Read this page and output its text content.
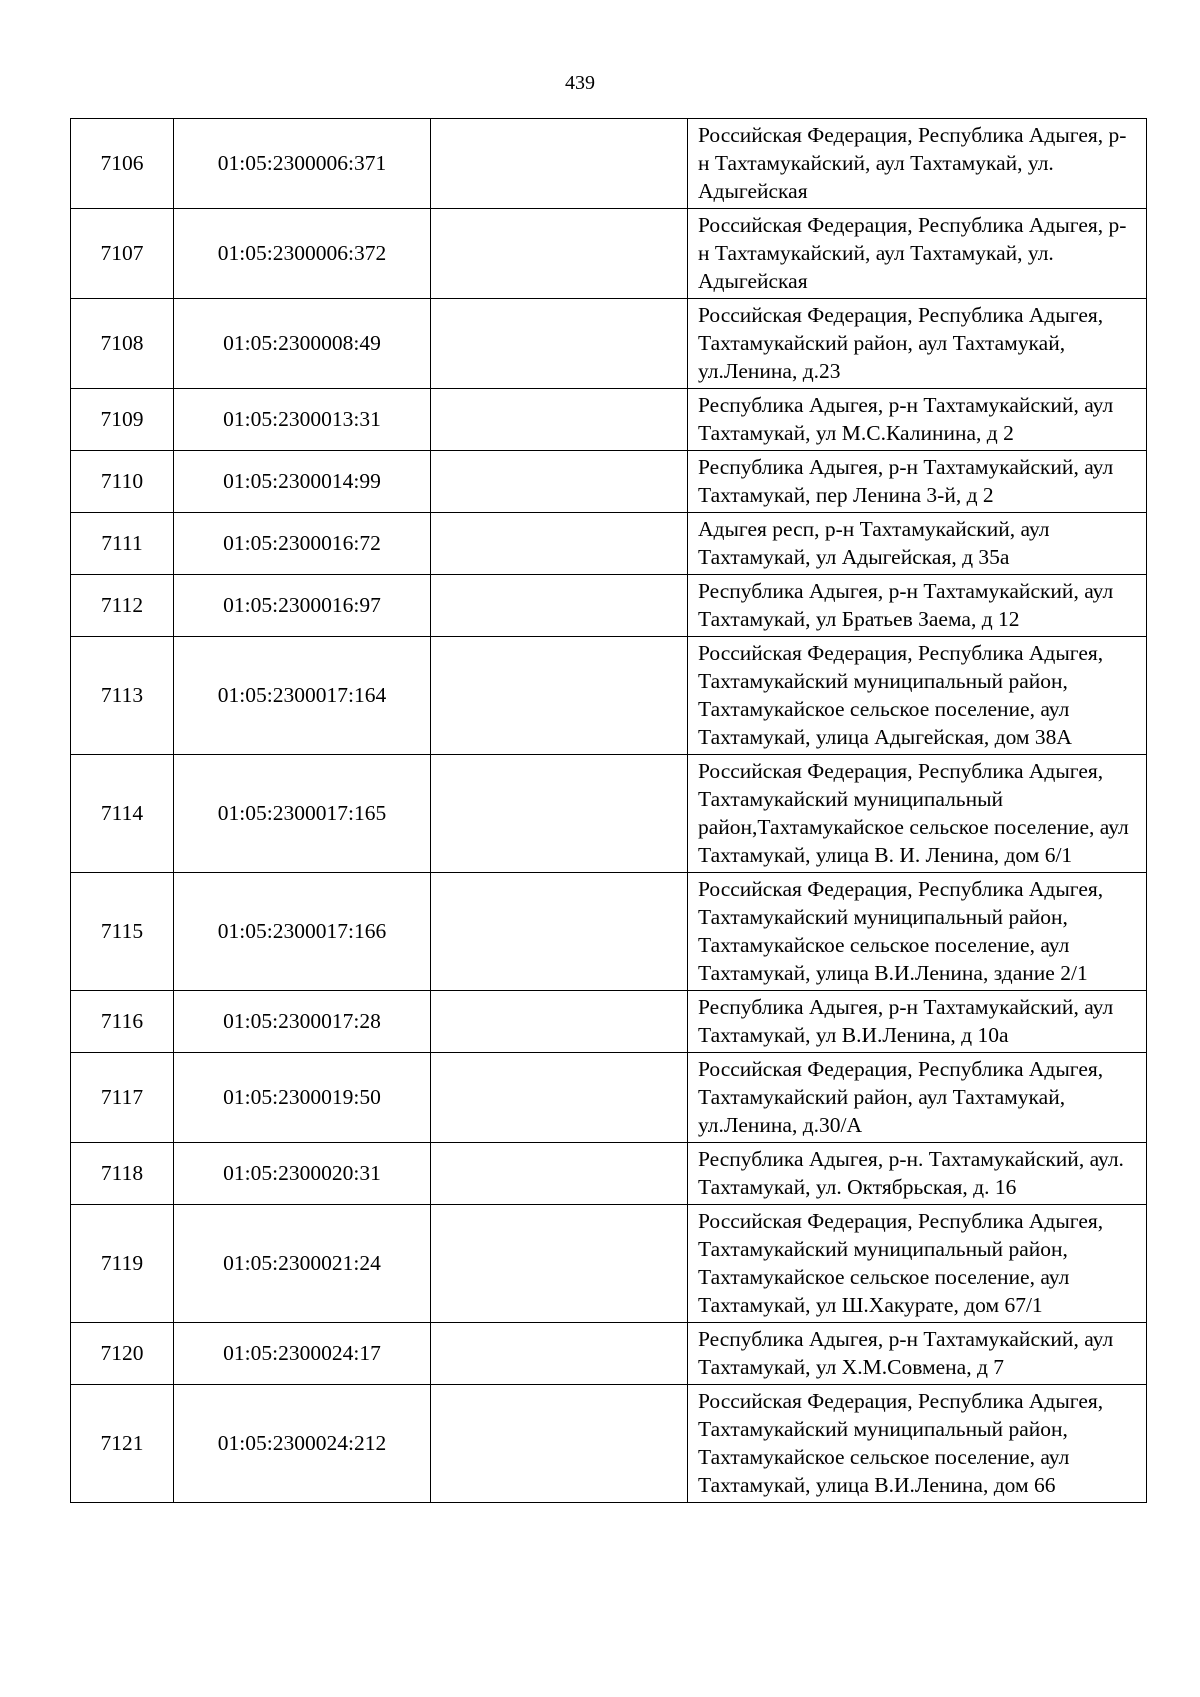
439
7106	01:05:2300006:371		Российская Федерация, Республика Адыгея, р-н Тахтамукайский, аул Тахтамукай, ул. Адыгейская
7107	01:05:2300006:372		Российская Федерация, Республика Адыгея, р-н Тахтамукайский, аул Тахтамукай, ул. Адыгейская
7108	01:05:2300008:49		Российская Федерация, Республика Адыгея, Тахтамукайский район, аул Тахтамукай, ул.Ленина, д.23
7109	01:05:2300013:31		Республика Адыгея, р-н Тахтамукайский, аул Тахтамукай, ул М.С.Калинина, д 2
7110	01:05:2300014:99		Республика Адыгея, р-н Тахтамукайский, аул Тахтамукай, пер Ленина 3-й, д 2
7111	01:05:2300016:72		Адыгея респ, р-н Тахтамукайский, аул Тахтамукай, ул Адыгейская, д 35а
7112	01:05:2300016:97		Республика Адыгея, р-н Тахтамукайский, аул Тахтамукай, ул Братьев Заема, д 12
7113	01:05:2300017:164		Российская Федерация, Республика Адыгея, Тахтамукайский муниципальный район, Тахтамукайское сельское поселение, аул Тахтамукай, улица Адыгейская, дом 38А
7114	01:05:2300017:165		Российская Федерация, Республика Адыгея, Тахтамукайский муниципальный район,Тахтамукайское сельское поселение, аул Тахтамукай, улица В. И. Ленина, дом 6/1
7115	01:05:2300017:166		Российская Федерация, Республика Адыгея, Тахтамукайский муниципальный район, Тахтамукайское сельское поселение, аул Тахтамукай, улица В.И.Ленина, здание 2/1
7116	01:05:2300017:28		Республика Адыгея, р-н Тахтамукайский, аул Тахтамукай, ул В.И.Ленина, д 10а
7117	01:05:2300019:50		Российская Федерация, Республика Адыгея, Тахтамукайский район, аул Тахтамукай, ул.Ленина, д.30/А
7118	01:05:2300020:31		Республика Адыгея, р-н. Тахтамукайский, аул. Тахтамукай, ул. Октябрьская, д. 16
7119	01:05:2300021:24		Российская Федерация, Республика Адыгея, Тахтамукайский муниципальный район, Тахтамукайское сельское поселение, аул Тахтамукай, ул Ш.Хакурате, дом 67/1
7120	01:05:2300024:17		Республика Адыгея, р-н Тахтамукайский, аул Тахтамукай, ул Х.М.Совмена, д 7
7121	01:05:2300024:212		Российская Федерация, Республика Адыгея, Тахтамукайский муниципальный район, Тахтамукайское сельское поселение, аул Тахтамукай, улица В.И.Ленина, дом 66
